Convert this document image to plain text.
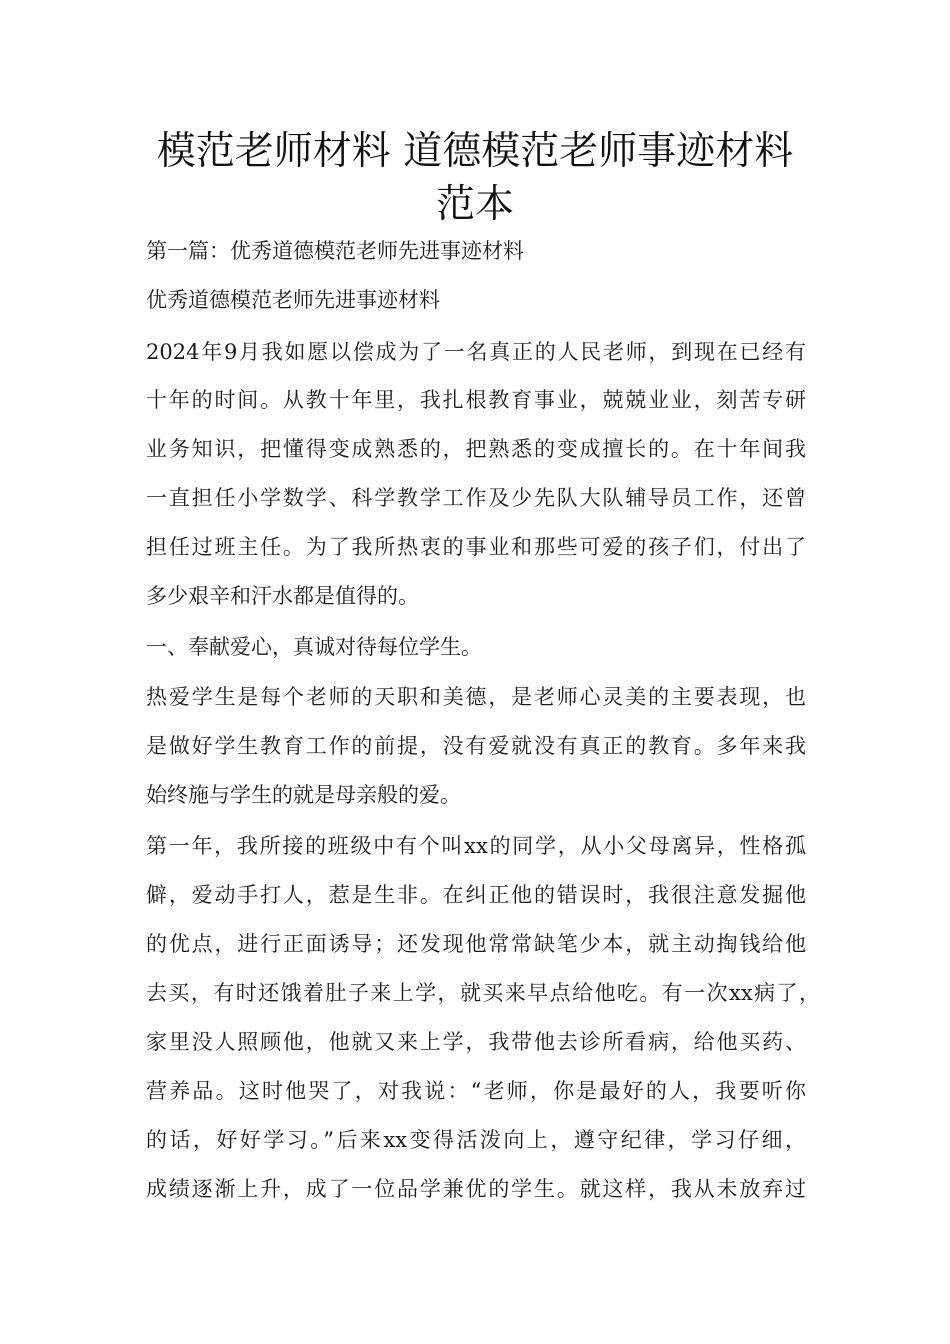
模范老师材料 道德模范老师事迹材料
范本
第一篇：优秀道德模范老师先进事迹材料
优秀道德模范老师先进事迹材料
2024年9月我如愿以偿成为了一名真正的人民老师，到现在已经有
十年的时间。从教十年里，我扎根教育事业，兢兢业业，刻苦专研
业务知识，把懂得变成熟悉的，把熟悉的变成擅长的。在十年间我
一直担任小学数学、科学教学工作及少先队大队辅导员工作，还曾
担任过班主任。为了我所热衷的事业和那些可爱的孩子们，付出了
多少艰辛和汗水都是值得的。
一、奉献爱心，真诚对待每位学生。
热爱学生是每个老师的天职和美德，是老师心灵美的主要表现，也
是做好学生教育工作的前提，没有爱就没有真正的教育。多年来我
始终施与学生的就是母亲般的爱。
第一年，我所接的班级中有个叫xx的同学，从小父母离异，性格孤
僻，爱动手打人，惹是生非。在纠正他的错误时，我很注意发掘他
的优点，进行正面诱导；还发现他常常缺笔少本，就主动掏钱给他
去买，有时还饿着肚子来上学，就买来早点给他吃。有一次xx病了，
家里没人照顾他，他就又来上学，我带他去诊所看病，给他买药、
营养品。这时他哭了，对我说：“老师，你是最好的人，我要听你
的话，好好学习。”后来xx变得活泼向上，遵守纪律，学习仔细，
成绩逐渐上升，成了一位品学兼优的学生。就这样，我从未放弃过
